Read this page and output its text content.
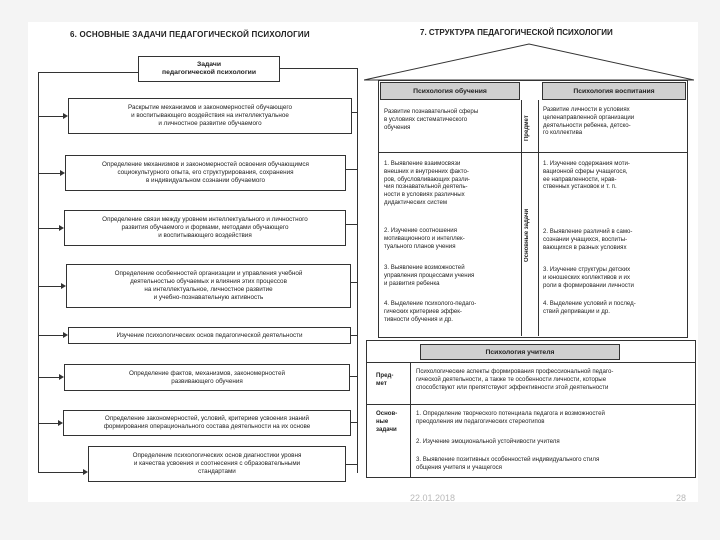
6. ОСНОВНЫЕ ЗАДАЧИ ПЕДАГОГИЧЕСКОЙ ПСИХОЛОГИИ
Задачи
педагогической психологии
Раскрытие механизмов и закономерностей обучающего
и воспитывающего воздействия на интеллектуальное
и личностное развитие обучаемого
Определение механизмов и закономерностей освоения обучающимся
социокультурного опыта, его структурирования, сохранения
в индивидуальном сознании обучаемого
Определение связи между уровнем интеллектуального и личностного
развития обучаемого и формами, методами обучающего
и воспитывающего воздействия
Определение особенностей организации и управления учебной
деятельностью обучаемых и влияния этих процессов
на интеллектуальное, личностное развитие
и учебно-познавательную активность
Изучение психологических основ педагогической деятельности
Определение фактов, механизмов, закономерностей
развивающего обучения
Определение закономерностей, условий, критериев усвоения знаний
формирования операционального состава деятельности на их основе
Определение психологических основ диагностики уровня
и качества усвоения и соотнесения с образовательными
стандартами
7. СТРУКТУРА ПЕДАГОГИЧЕСКОЙ ПСИХОЛОГИИ
Психология обучения	Психология воспитания
Предмет
Основные задачи
Развитие познавательной сферы
в условиях систематического
обучения
Развитие личности в условиях
целенаправленной организации
деятельности ребенка, детско-
го коллектива
1. Выявление взаимосвязи
внешних и внутренних факто-
ров, обусловливающих разли-
чия познавательной деятель-
ности в условиях различных
дидактических систем
2. Изучение соотношения
мотивационного и интеллек-
туального планов учения
3. Выявление возможностей
управления процессами учения
и развития ребенка
4. Выделение психолого-педаго-
гических критериев эффек-
тивности обучения и др.
1. Изучение содержания моти-
вационной сферы учащегося,
ее направленности, нрав-
ственных установок и т. п.
2. Выявление различий в само-
сознании учащихся, воспиты-
вающихся в разных условиях
3. Изучение структуры детских
и юношеских коллективов и их
роли в формировании личности
4. Выделение условий и послед-
ствий депривации и др.
Психология учителя
Пред-
мет
Психологические аспекты формирования профессиональной педаго-
гической деятельности, а также те особенности личности, которые
способствуют или препятствуют эффективности этой деятельности
Основ-
ные
задачи
1. Определение творческого потенциала педагога и возможностей
преодоления им педагогических стереотипов
2. Изучение эмоциональной устойчивости учителя
3. Выявление позитивных особенностей индивидуального стиля
общения учителя и учащегося
22.01.2018	28
